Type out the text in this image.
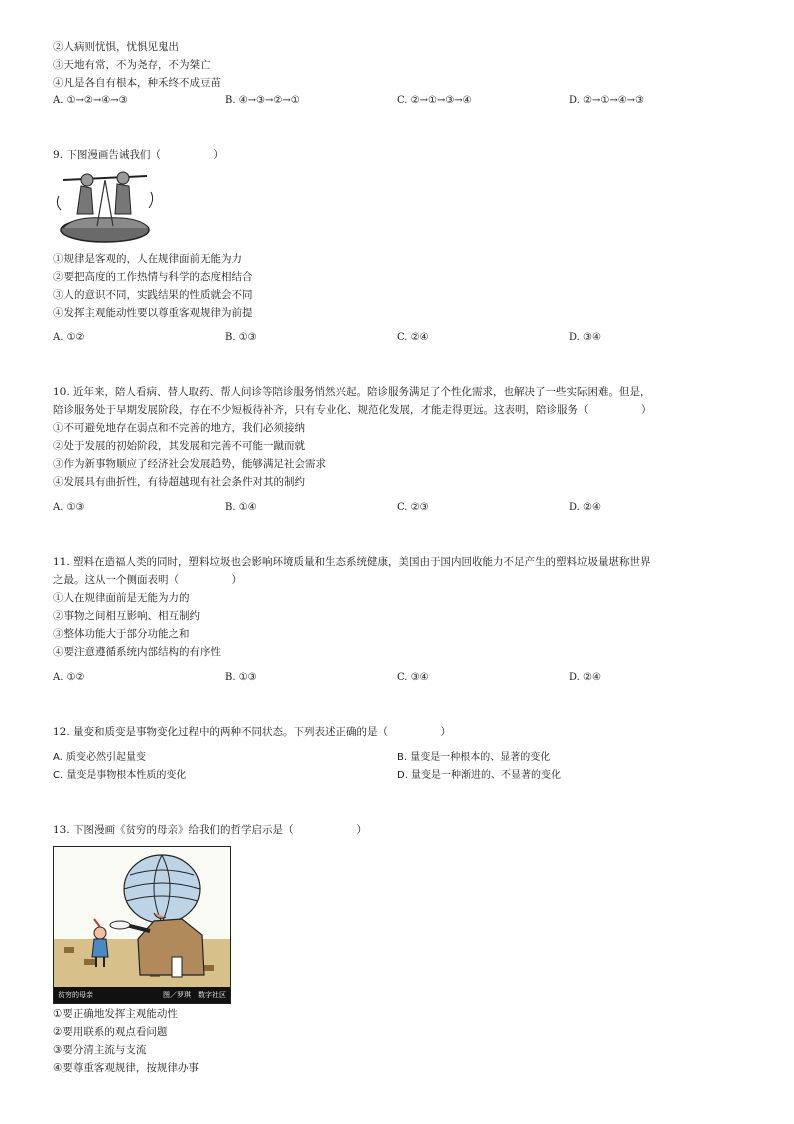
②人病则忧惧，忧惧见鬼出
③天地有常，不为尧存，不为桀亡
④凡是各自有根本，种禾终不成豆苗
A. ①→②→④→③	B. ④→③→②→①	C. ②→①→③→④	D. ②→①→④→③
9. 下图漫画告诫我们（　　　　　）
①规律是客观的，人在规律面前无能为力
②要把高度的工作热情与科学的态度相结合
③人的意识不同，实践结果的性质就会不同
④发挥主观能动性要以尊重客观规律为前提
A. ①②	B. ①③	C. ②④	D. ③④
10. 近年来，陪人看病、替人取药、帮人问诊等陪诊服务悄然兴起。陪诊服务满足了个性化需求，也解决了一些实际困难。但是，
陪诊服务处于早期发展阶段，存在不少短板待补齐，只有专业化、规范化发展，才能走得更远。这表明，陪诊服务（　　　　　）
①不可避免地存在弱点和不完善的地方，我们必须接纳
②处于发展的初始阶段，其发展和完善不可能一蹴而就
③作为新事物顺应了经济社会发展趋势，能够满足社会需求
④发展具有曲折性，有待超越现有社会条件对其的制约
A. ①③	B. ①④	C. ②③	D. ②④
11. 塑料在造福人类的同时，塑料垃圾也会影响环境质量和生态系统健康，美国由于国内回收能力不足产生的塑料垃圾量堪称世界
之最。这从一个侧面表明（　　　　　）
①人在规律面前是无能为力的
②事物之间相互影响、相互制约
③整体功能大于部分功能之和
④要注意遵循系统内部结构的有序性
A. ①②	B. ①③	C. ③④	D. ②④
12. 量变和质变是事物变化过程中的两种不同状态。下列表述正确的是（　　　　　）
A. 质变必然引起量变	B. 量变是一种根本的、显著的变化
C. 量变是事物根本性质的变化	D. 量变是一种渐进的、不显著的变化
13. 下图漫画《贫穷的母亲》给我们的哲学启示是（　　　　　　）
贫穷的母亲	图／罗琪　数字社区
①要正确地发挥主观能动性
②要用联系的观点看问题
③要分清主流与支流
④要尊重客观规律，按规律办事
